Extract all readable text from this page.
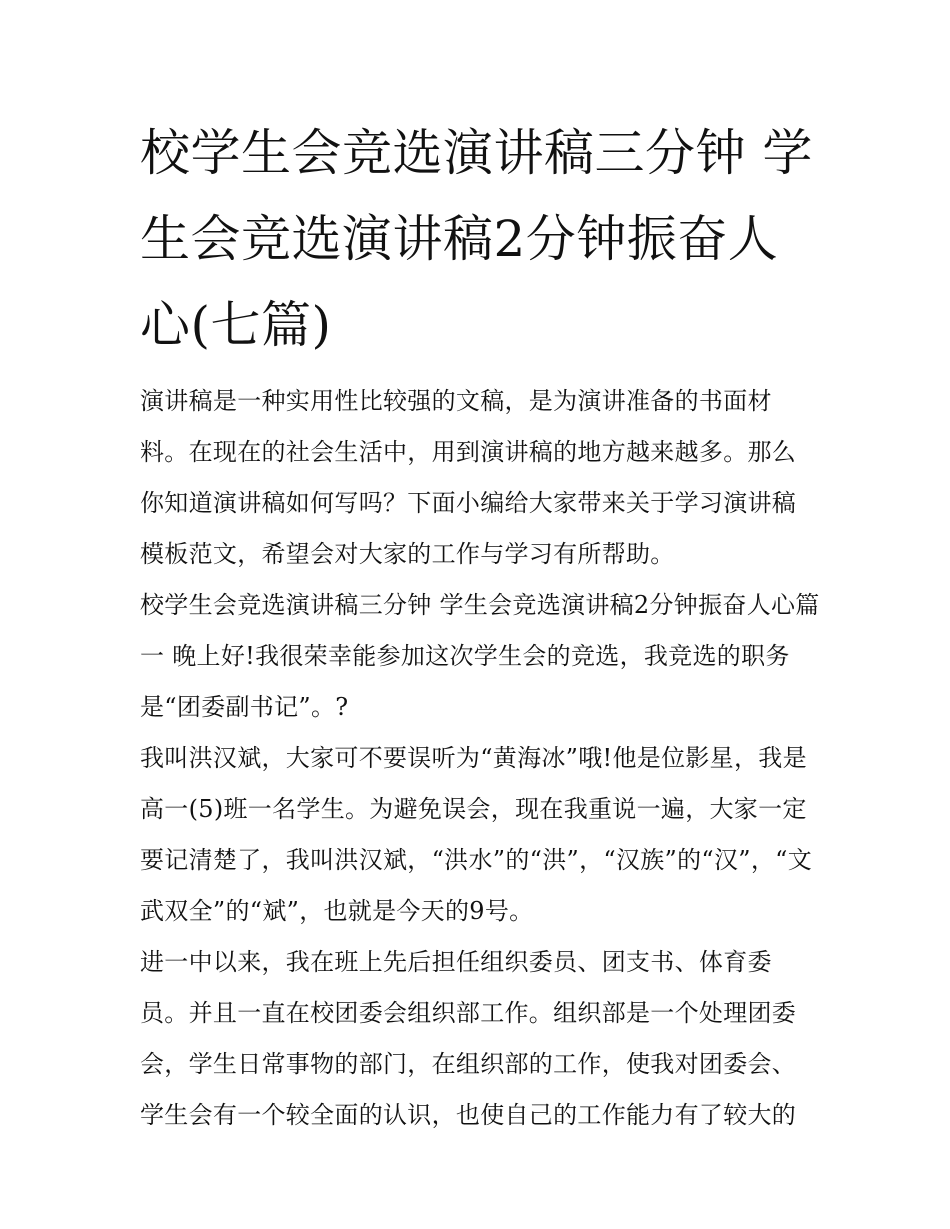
校学生会竞选演讲稿三分钟 学生会竞选演讲稿2分钟振奋人心(七篇)

演讲稿是一种实用性比较强的文稿，是为演讲准备的书面材料。在现在的社会生活中，用到演讲稿的地方越来越多。那么你知道演讲稿如何写吗？下面小编给大家带来关于学习演讲稿模板范文，希望会对大家的工作与学习有所帮助。

校学生会竞选演讲稿三分钟 学生会竞选演讲稿2分钟振奋人心篇一 晚上好!我很荣幸能参加这次学生会的竞选，我竞选的职务是“团委副书记”。?

我叫洪汉斌，大家可不要误听为“黄海冰”哦!他是位影星，我是高一(5)班一名学生。为避免误会，现在我重说一遍，大家一定要记清楚了，我叫洪汉斌，“洪水”的“洪”，“汉族”的“汉”，“文武双全”的“斌”，也就是今天的9号。

进一中以来，我在班上先后担任组织委员、团支书、体育委员。并且一直在校团委会组织部工作。组织部是一个处理团委会，学生日常事物的部门，在组织部的工作，使我对团委会、学生会有一个较全面的认识，也使自己的工作能力有了较大的
